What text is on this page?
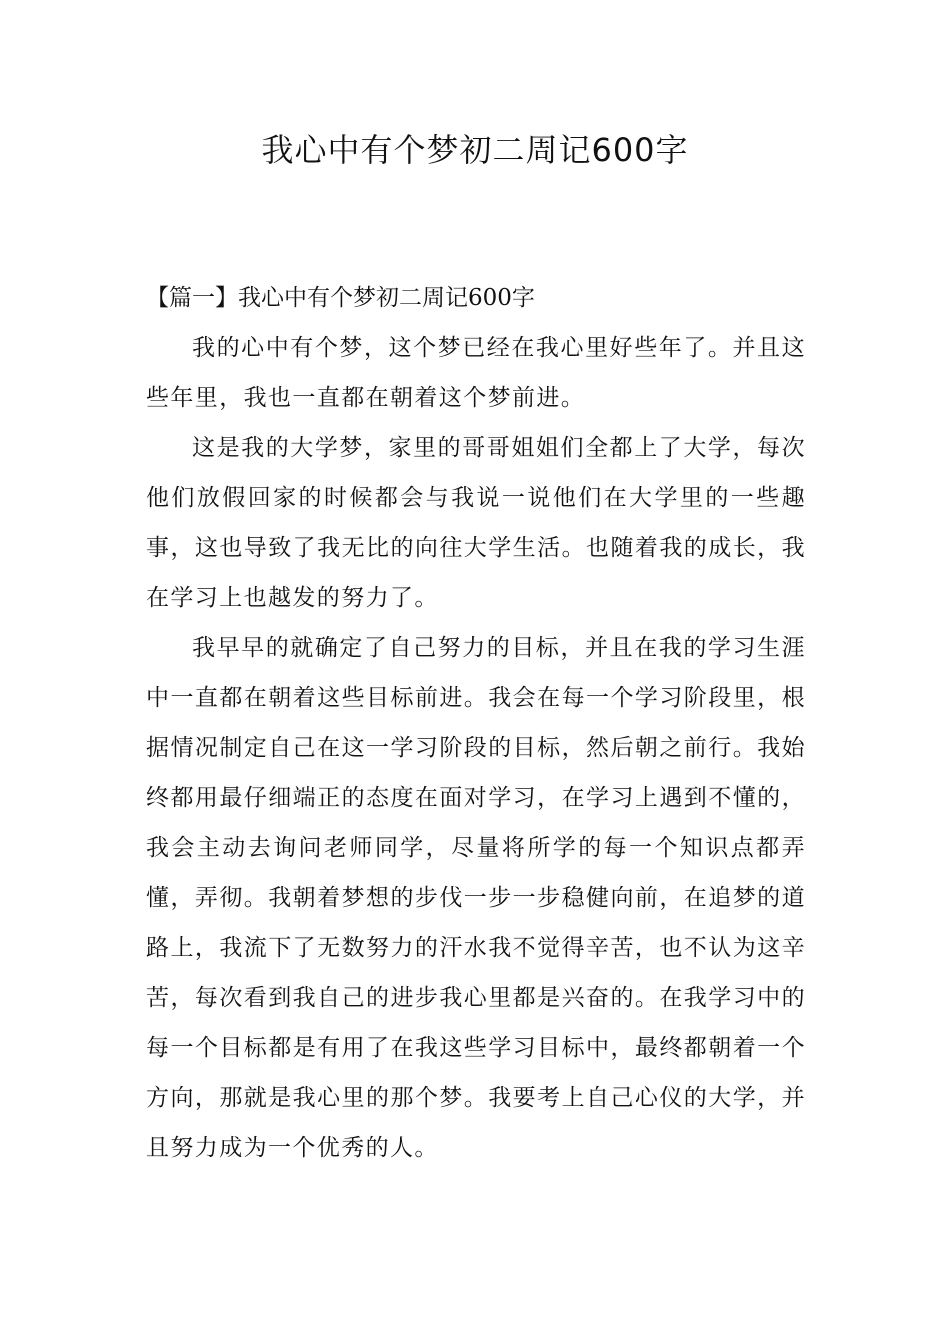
我心中有个梦初二周记600字

【篇一】我心中有个梦初二周记600字

我的心中有个梦，这个梦已经在我心里好些年了。并且这些年里，我也一直都在朝着这个梦前进。

这是我的大学梦，家里的哥哥姐姐们全都上了大学，每次他们放假回家的时候都会与我说一说他们在大学里的一些趣事，这也导致了我无比的向往大学生活。也随着我的成长，我在学习上也越发的努力了。

我早早的就确定了自己努力的目标，并且在我的学习生涯中一直都在朝着这些目标前进。我会在每一个学习阶段里，根据情况制定自己在这一学习阶段的目标，然后朝之前行。我始终都用最仔细端正的态度在面对学习，在学习上遇到不懂的，我会主动去询问老师同学，尽量将所学的每一个知识点都弄懂，弄彻。我朝着梦想的步伐一步一步稳健向前，在追梦的道路上，我流下了无数努力的汗水我不觉得辛苦，也不认为这辛苦，每次看到我自己的进步我心里都是兴奋的。在我学习中的每一个目标都是有用了在我这些学习目标中，最终都朝着一个方向，那就是我心里的那个梦。我要考上自己心仪的大学，并且努力成为一个优秀的人。
